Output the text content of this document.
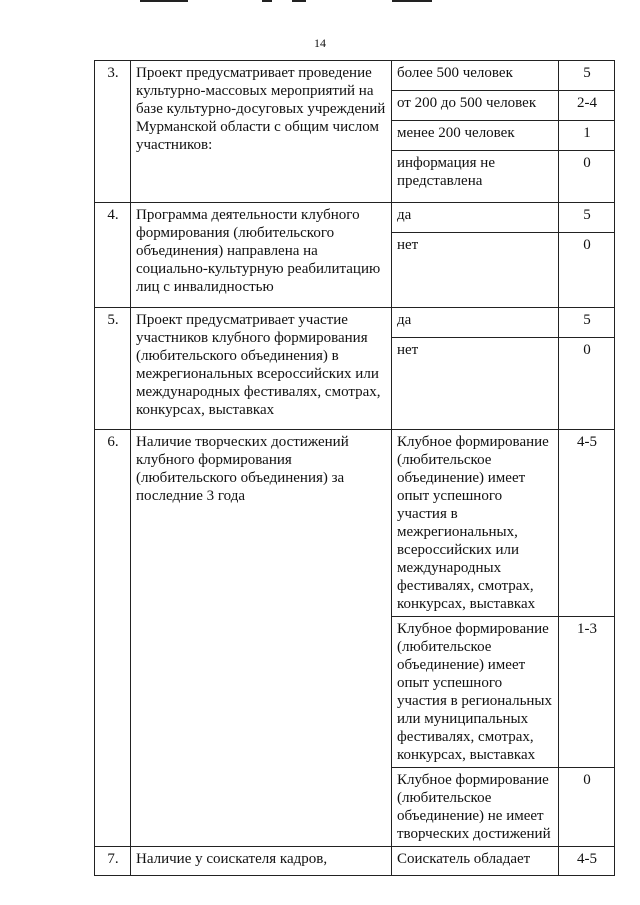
14
3.	Проект предусматривает проведение культурно-массовых мероприятий на базе культурно-досуговых учреждений Мурманской области с общим числом участников:	более 500 человек	5
		от 200 до 500 человек	2-4
		менее 200 человек	1
		информация не представлена	0
4.	Программа деятельности клубного формирования (любительского объединения) направлена на социально-культурную реабилитацию лиц с инвалидностью	да	5
		нет	0
5.	Проект предусматривает участие участников клубного формирования (любительского объединения) в межрегиональных всероссийских или международных фестивалях, смотрах, конкурсах, выставках	да	5
		нет	0
6.	Наличие творческих достижений клубного формирования (любительского объединения) за последние 3 года	Клубное формирование (любительское объединение) имеет опыт успешного участия в межрегиональных, всероссийских или международных фестивалях, смотрах, конкурсах, выставках	4-5
		Клубное формирование (любительское объединение) имеет опыт успешного участия в региональных или муниципальных фестивалях, смотрах, конкурсах, выставках	1-3
		Клубное формирование (любительское объединение) не имеет творческих достижений	0
7.	Наличие у соискателя кадров,	Соискатель обладает	4-5
